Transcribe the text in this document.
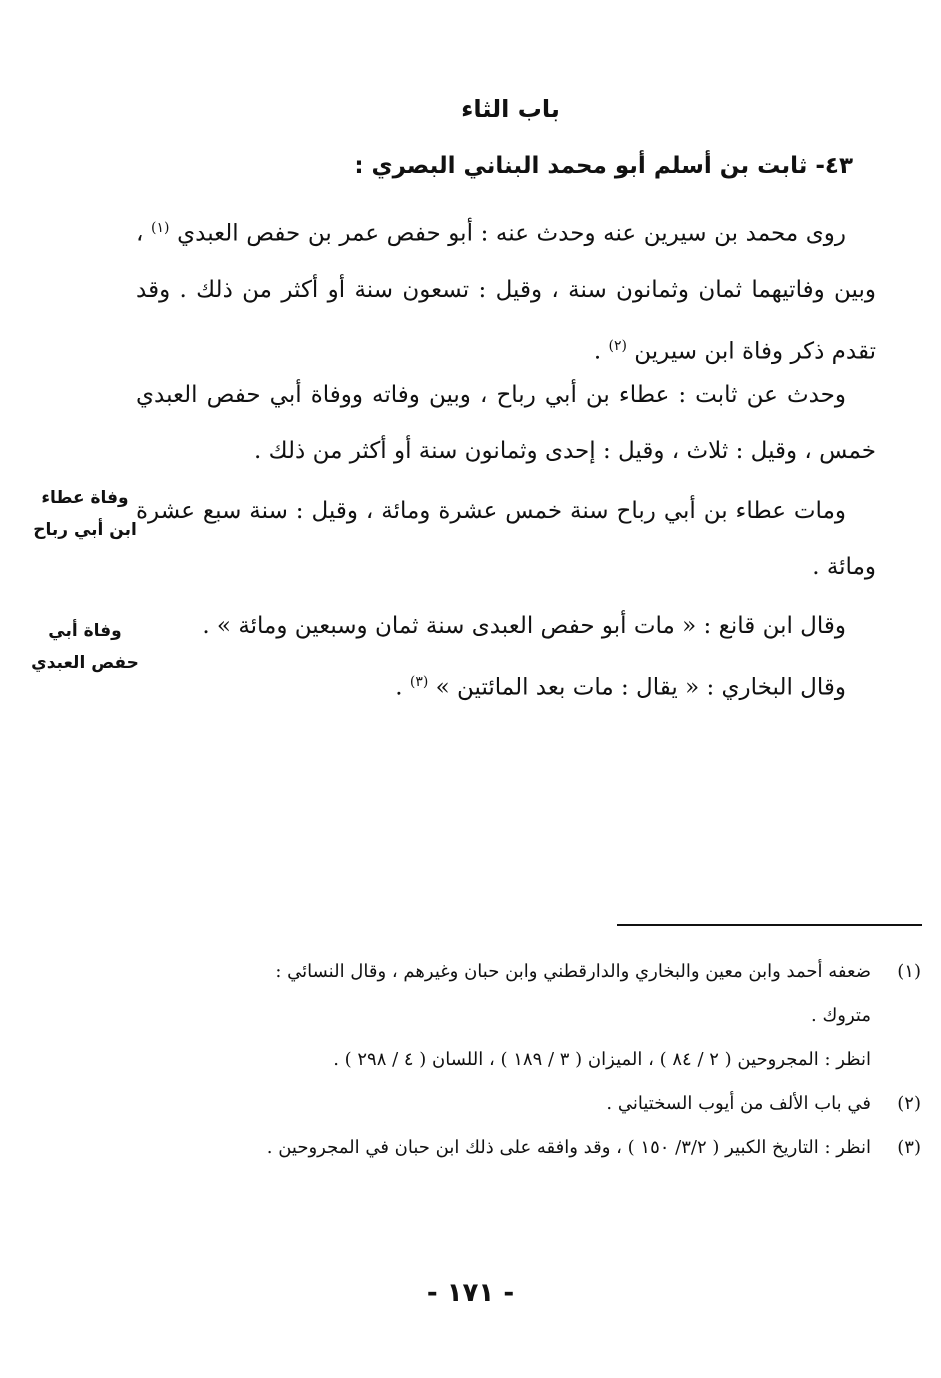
باب الثاء
٤٣- ثابت بن أسلم أبو محمد البناني البصري :
روى محمد بن سيرين عنه وحدث عنه : أبو حفص عمر بن حفص العبدي $^{(١)}$ ، وبين وفاتيهما ثمان وثمانون سنة ، وقيل : تسعون سنة أو أكثر من ذلك . وقد تقدم ذكر وفاة ابن سيرين $^{(٢)}$ .
وحدث عن ثابت : عطاء بن أبي رباح ، وبين وفاته ووفاة أبي حفص العبدي خمس ، وقيل : ثلاث ، وقيل : إحدى وثمانون سنة أو أكثر من ذلك .
ومات عطاء بن أبي رباح سنة خمس عشرة ومائة ، وقيل : سنة سبع عشرة ومائة .
وقال ابن قانع : « مات أبو حفص العبدى سنة ثمان وسبعين ومائة » .
وقال البخاري : « يقال : مات بعد المائتين » $^{(٣)}$ .
وفاة عطاء ابن أبي رباح
وفاة أبي حفص العبدي
(١)
ضعفه أحمد وابن معين والبخاري والدارقطني وابن حبان وغيرهم ، وقال النسائي :
متروك .
انظر : المجروحين ( ٢ / ٨٤ ) ، الميزان ( ٣ / ١٨٩ ) ، اللسان ( ٤ / ٢٩٨ ) .
(٢)
في باب الألف من أيوب السختياني .
(٣)
انظر : التاريخ الكبير ( ٣/٢/ ١٥٠ ) ، وقد وافقه على ذلك ابن حبان في المجروحين .
- ١٧١ -
